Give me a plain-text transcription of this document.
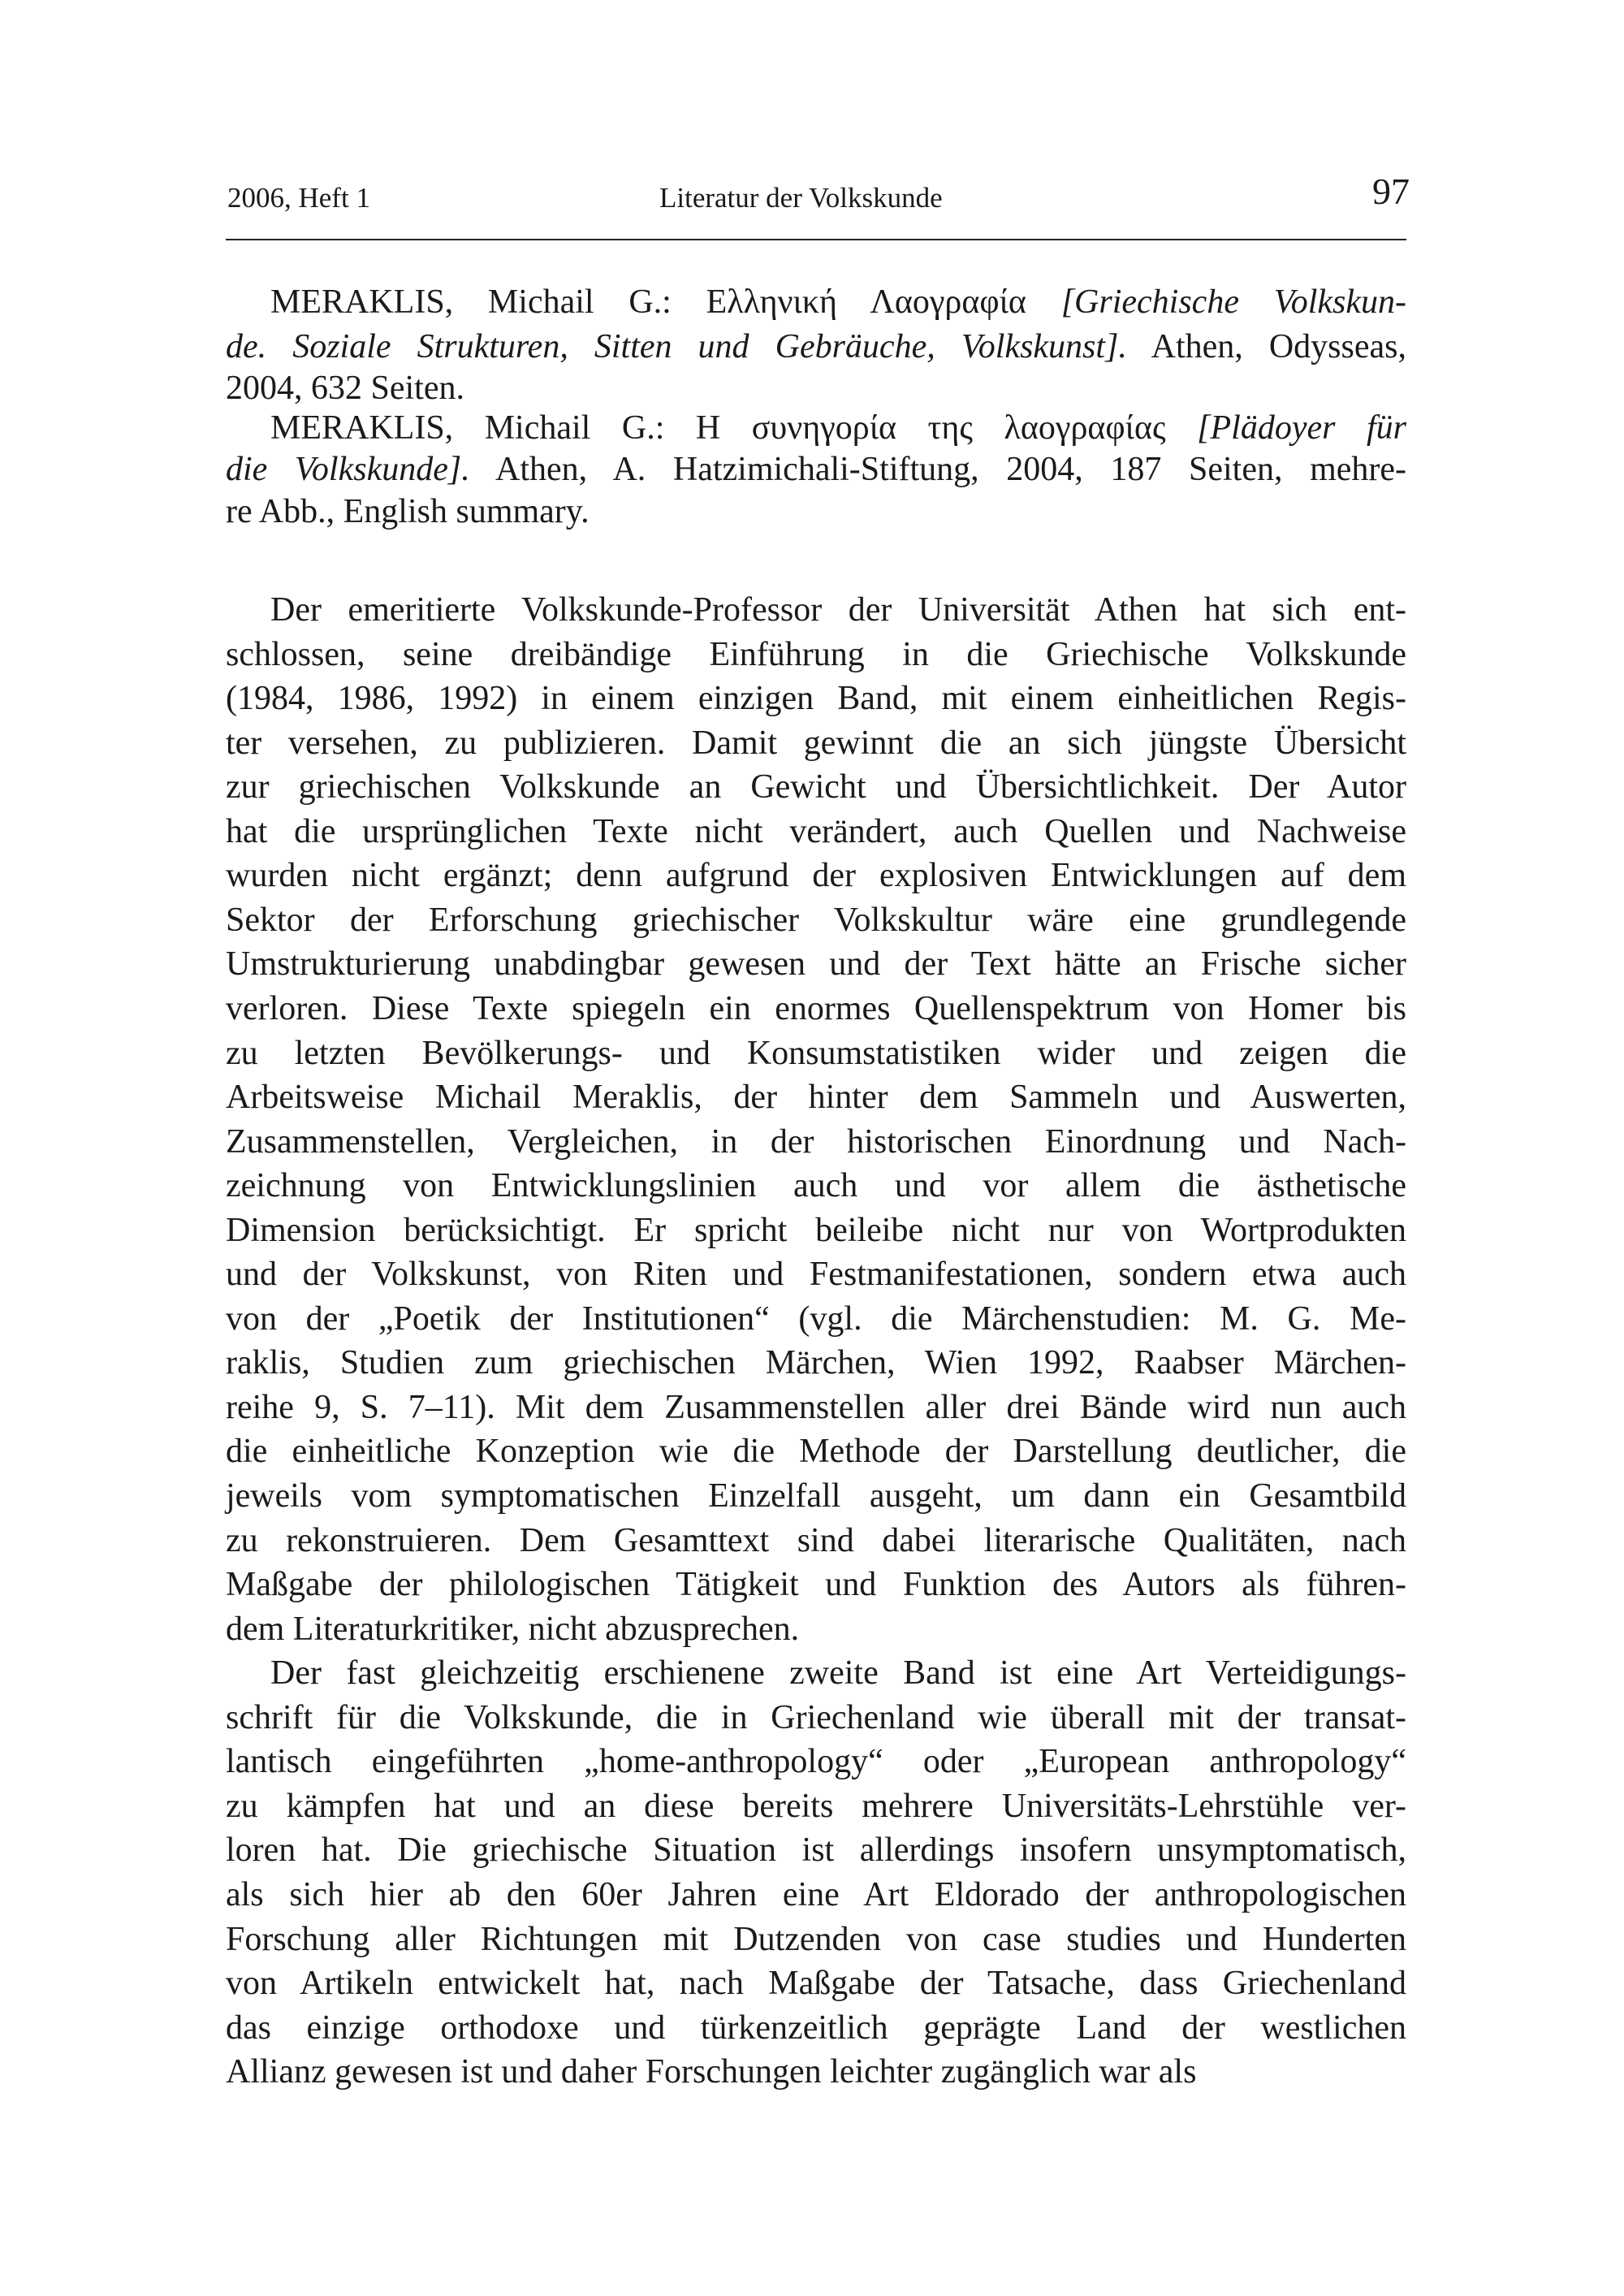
2006, Heft 1	Literatur der Volkskunde	97
MERAKLIS, Michail G.: Ελληνική Λαογραφία [Griechische Volkskun-
de. Soziale Strukturen, Sitten und Gebräuche, Volkskunst]. Athen, Odysseas,
2004, 632 Seiten.
MERAKLIS, Michail G.: Η συνηγορία της λαογραφίας [Plädoyer für
die Volkskunde]. Athen, A. Hatzimichali-Stiftung, 2004, 187 Seiten, mehre-
re Abb., English summary.
Der emeritierte Volkskunde-Professor der Universität Athen hat sich ent-
schlossen, seine dreibändige Einführung in die Griechische Volkskunde
(1984, 1986, 1992) in einem einzigen Band, mit einem einheitlichen Regis-
ter versehen, zu publizieren. Damit gewinnt die an sich jüngste Übersicht
zur griechischen Volkskunde an Gewicht und Übersichtlichkeit. Der Autor
hat die ursprünglichen Texte nicht verändert, auch Quellen und Nachweise
wurden nicht ergänzt; denn aufgrund der explosiven Entwicklungen auf dem
Sektor der Erforschung griechischer Volkskultur wäre eine grundlegende
Umstrukturierung unabdingbar gewesen und der Text hätte an Frische sicher
verloren. Diese Texte spiegeln ein enormes Quellenspektrum von Homer bis
zu letzten Bevölkerungs- und Konsumstatistiken wider und zeigen die
Arbeitsweise Michail Meraklis, der hinter dem Sammeln und Auswerten,
Zusammenstellen, Vergleichen, in der historischen Einordnung und Nach-
zeichnung von Entwicklungslinien auch und vor allem die ästhetische
Dimension berücksichtigt. Er spricht beileibe nicht nur von Wortprodukten
und der Volkskunst, von Riten und Festmanifestationen, sondern etwa auch
von der „Poetik der Institutionen“ (vgl. die Märchenstudien: M. G. Me-
raklis, Studien zum griechischen Märchen, Wien 1992, Raabser Märchen-
reihe 9, S. 7–11). Mit dem Zusammenstellen aller drei Bände wird nun auch
die einheitliche Konzeption wie die Methode der Darstellung deutlicher, die
jeweils vom symptomatischen Einzelfall ausgeht, um dann ein Gesamtbild
zu rekonstruieren. Dem Gesamttext sind dabei literarische Qualitäten, nach
Maßgabe der philologischen Tätigkeit und Funktion des Autors als führen-
dem Literaturkritiker, nicht abzusprechen.
Der fast gleichzeitig erschienene zweite Band ist eine Art Verteidigungs-
schrift für die Volkskunde, die in Griechenland wie überall mit der transat-
lantisch eingeführten „home-anthropology“ oder „European anthropology“
zu kämpfen hat und an diese bereits mehrere Universitäts-Lehrstühle ver-
loren hat. Die griechische Situation ist allerdings insofern unsymptomatisch,
als sich hier ab den 60er Jahren eine Art Eldorado der anthropologischen
Forschung aller Richtungen mit Dutzenden von case studies und Hunderten
von Artikeln entwickelt hat, nach Maßgabe der Tatsache, dass Griechenland
das einzige orthodoxe und türkenzeitlich geprägte Land der westlichen
Allianz gewesen ist und daher Forschungen leichter zugänglich war als
